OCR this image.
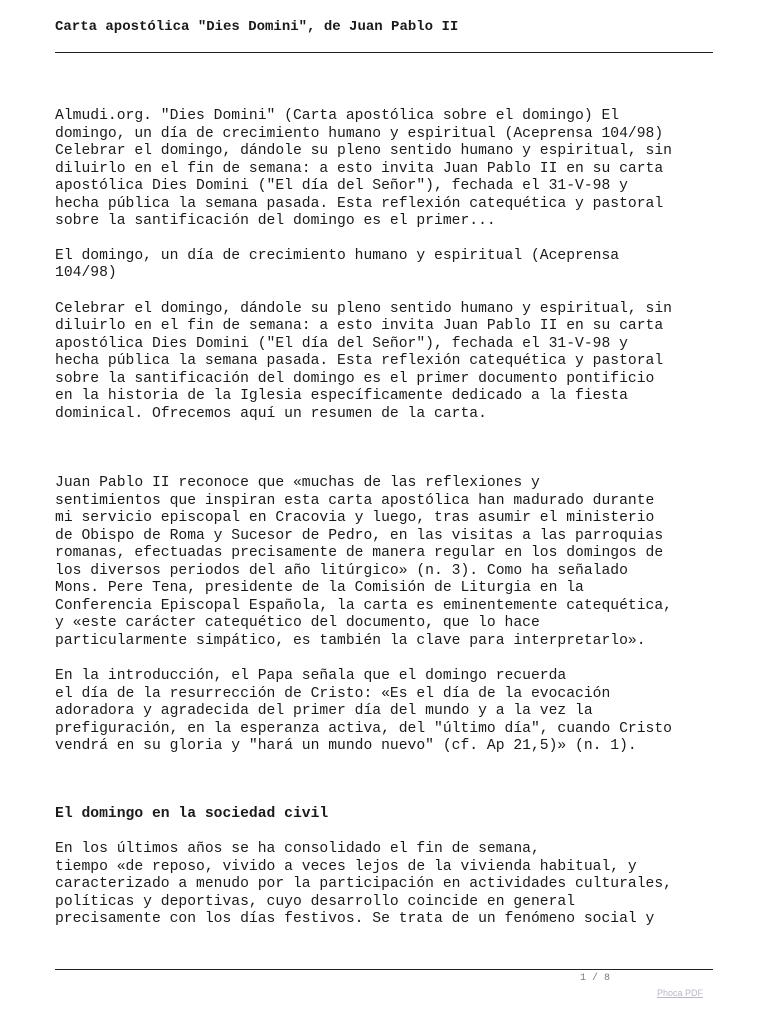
Carta apostólica "Dies Domini", de Juan Pablo II

Almudi.org. "Dies Domini" (Carta apostólica sobre el domingo) El
domingo, un día de crecimiento humano y espiritual (Aceprensa 104/98)
Celebrar el domingo, dándole su pleno sentido humano y espiritual, sin
diluirlo en el fin de semana: a esto invita Juan Pablo II en su carta
apostólica Dies Domini ("El día del Señor"), fechada el 31-V-98 y
hecha pública la semana pasada. Esta reflexión catequética y pastoral
sobre la santificación del domingo es el primer...

El domingo, un día de crecimiento humano y espiritual (Aceprensa
104/98)

Celebrar el domingo, dándole su pleno sentido humano y espiritual, sin
diluirlo en el fin de semana: a esto invita Juan Pablo II en su carta
apostólica Dies Domini ("El día del Señor"), fechada el 31-V-98 y
hecha pública la semana pasada. Esta reflexión catequética y pastoral
sobre la santificación del domingo es el primer documento pontificio
en la historia de la Iglesia específicamente dedicado a la fiesta
dominical. Ofrecemos aquí un resumen de la carta.

Juan Pablo II reconoce que «muchas de las reflexiones y
sentimientos que inspiran esta carta apostólica han madurado durante
mi servicio episcopal en Cracovia y luego, tras asumir el ministerio
de Obispo de Roma y Sucesor de Pedro, en las visitas a las parroquias
romanas, efectuadas precisamente de manera regular en los domingos de
los diversos periodos del año litúrgico» (n. 3). Como ha señalado
Mons. Pere Tena, presidente de la Comisión de Liturgia en la
Conferencia Episcopal Española, la carta es eminentemente catequética,
y «este carácter catequético del documento, que lo hace
particularmente simpático, es también la clave para interpretarlo».

En la introducción, el Papa señala que el domingo recuerda
el día de la resurrección de Cristo: «Es el día de la evocación
adoradora y agradecida del primer día del mundo y a la vez la
prefiguración, en la esperanza activa, del "último día", cuando Cristo
vendrá en su gloria y "hará un mundo nuevo" (cf. Ap 21,5)» (n. 1).

El domingo en la sociedad civil

En los últimos años se ha consolidado el fin de semana,
tiempo «de reposo, vivido a veces lejos de la vivienda habitual, y
caracterizado a menudo por la participación en actividades culturales,
políticas y deportivas, cuyo desarrollo coincide en general
precisamente con los días festivos. Se trata de un fenómeno social y

1 / 8
Phoca PDF
